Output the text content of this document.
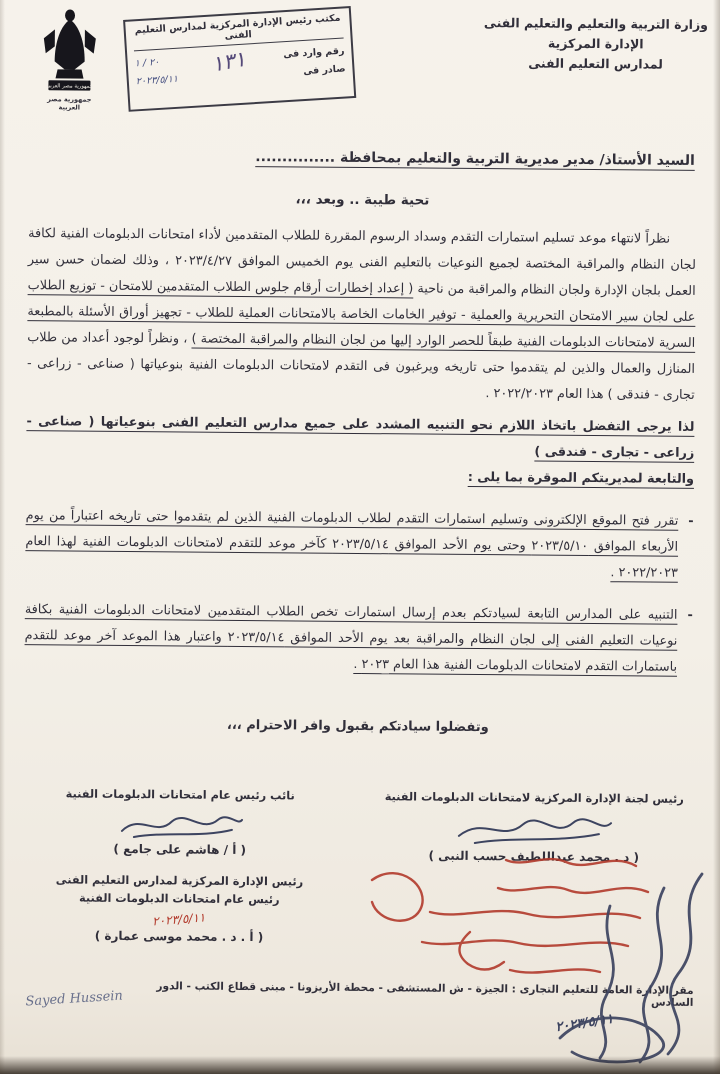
جمهورية مصر العربية
جمهورية مصر العربية
مكتب رئيس الإدارة المركزية لمدارس التعليم الفنى
رقم وارد فى
٢٠ / ١
صادر فى
٢٠٢٣/٥/١١
١٣١
وزارة التربية والتعليم والتعليم الفنى
الإدارة المركزية
لمدارس التعليم الفنى
السيد الأستاذ/ مدير مديرية التربية والتعليم بمحافظة ...............
تحية طيبة .. وبعد ،،،

نظراً لانتهاء موعد تسليم استمارات التقدم وسداد الرسوم المقررة للطلاب المتقدمين لأداء امتحانات الدبلومات الفنية لكافة لجان النظام والمراقبة المختصة لجميع النوعيات بالتعليم الفنى يوم الخميس الموافق ٢٠٢٣/٤/٢٧ ، وذلك لضمان حسن سير العمل بلجان الإدارة ولجان النظام والمراقبة من ناحية ( إعداد إخطارات أرقام جلوس الطلاب المتقدمين للامتحان - توزيع الطلاب على لجان سير الامتحان التحريرية والعملية - توفير الخامات الخاصة بالامتحانات العملية للطلاب - تجهيز أوراق الأسئلة بالمطبعة السرية لامتحانات الدبلومات الفنية طبقاً للحصر الوارد إليها من لجان النظام والمراقبة المختصة ) ، ونظراً لوجود أعداد من طلاب المنازل والعمال والذين لم يتقدموا حتى تاريخه ويرغبون فى التقدم لامتحانات الدبلومات الفنية بنوعياتها ( صناعى - زراعى - تجارى - فندقى ) هذا العام ٢٠٢٢/٢٠٢٣ .

لذا يرجى التفضل باتخاذ اللازم نحو التنبيه المشدد على جميع مدارس التعليم الفنى بنوعياتها ( صناعى - زراعى - تجارى - فندقى )
والتابعة لمديريتكم الموقرة بما يلى :

-
تقرر فتح الموقع الإلكترونى وتسليم استمارات التقدم لطلاب الدبلومات الفنية الذين لم يتقدموا حتى تاريخه اعتباراً من يوم الأربعاء الموافق ٢٠٢٣/٥/١٠ وحتى يوم الأحد الموافق ٢٠٢٣/٥/١٤ كآخر موعد للتقدم لامتحانات الدبلومات الفنية لهذا العام ٢٠٢٢/٢٠٢٣ .
-
التنبيه على المدارس التابعة لسيادتكم بعدم إرسال استمارات تخص الطلاب المتقدمين لامتحانات الدبلومات الفنية بكافة نوعيات التعليم الفنى إلى لجان النظام والمراقبة بعد يوم الأحد الموافق ٢٠٢٣/٥/١٤ واعتبار هذا الموعد آخر موعد للتقدم باستمارات التقدم لامتحانات الدبلومات الفنية هذا العام ٢٠٢٣ .
وتفضلوا سيادتكم بقبول وافر الاحترام ،،،
رئيس لجنة الإدارة المركزية لامتحانات الدبلومات الفنية
( د . محمد عبداللطيف حسب النبى )
نائب رئيس عام امتحانات الدبلومات الفنية
( أ / هاشم على جامع )
رئيس الإدارة المركزية لمدارس التعليم الفنى
رئيس عام امتحانات الدبلومات الفنية
٢٠٢٣/٥/١١
( أ . د . محمد موسى عمارة )
مقر الإدارة العامة للتعليم التجارى : الجيزة - ش المستشفى - محطة الأريزونا - مبنى قطاع الكتب - الدور السادس
Sayed Hussein
٢٠٢٣/٥/١١
